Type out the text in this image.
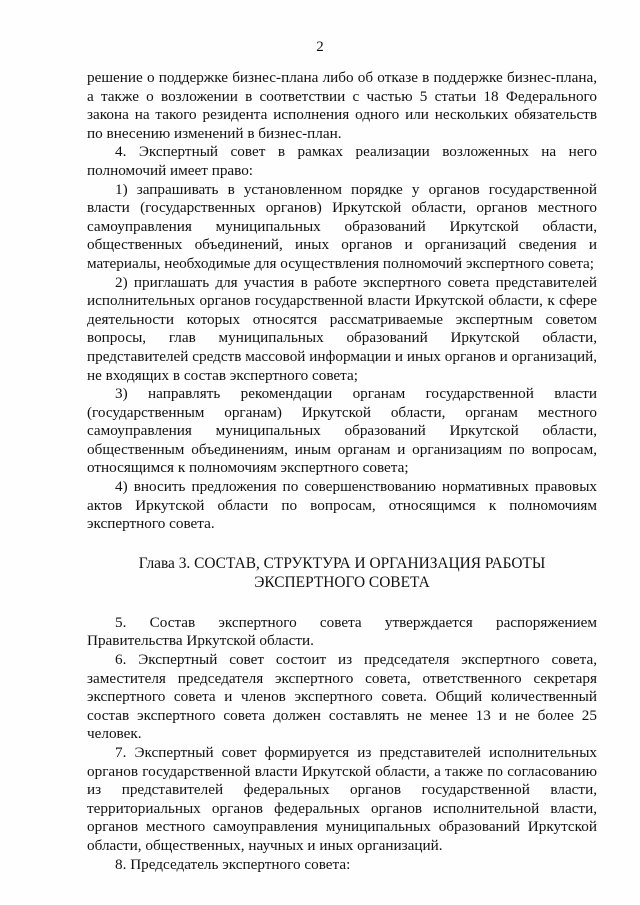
2

решение о поддержке бизнес-плана либо об отказе в поддержке бизнес-плана, а также о возложении в соответствии с частью 5 статьи 18 Федерального закона на такого резидента исполнения одного или нескольких обязательств по внесению изменений в бизнес-план.

4. Экспертный совет в рамках реализации возложенных на него полномочий имеет право:

1) запрашивать в установленном порядке у органов государственной власти (государственных органов) Иркутской области, органов местного самоуправления муниципальных образований Иркутской области, общественных объединений, иных органов и организаций сведения и материалы, необходимые для осуществления полномочий экспертного совета;

2) приглашать для участия в работе экспертного совета представителей исполнительных органов государственной власти Иркутской области, к сфере деятельности которых относятся рассматриваемые экспертным советом вопросы, глав муниципальных образований Иркутской области, представителей средств массовой информации и иных органов и организаций, не входящих в состав экспертного совета;

3) направлять рекомендации органам государственной власти (государственным органам) Иркутской области, органам местного самоуправления муниципальных образований Иркутской области, общественным объединениям, иным органам и организациям по вопросам, относящимся к полномочиям экспертного совета;

4) вносить предложения по совершенствованию нормативных правовых актов Иркутской области по вопросам, относящимся к полномочиям экспертного совета.

Глава 3. СОСТАВ, СТРУКТУРА И ОРГАНИЗАЦИЯ РАБОТЫ
ЭКСПЕРТНОГО СОВЕТА

5. Состав экспертного совета утверждается распоряжением Правительства Иркутской области.

6. Экспертный совет состоит из председателя экспертного совета, заместителя председателя экспертного совета, ответственного секретаря экспертного совета и членов экспертного совета. Общий количественный состав экспертного совета должен составлять не менее 13 и не более 25 человек.

7. Экспертный совет формируется из представителей исполнительных органов государственной власти Иркутской области, а также по согласованию из представителей федеральных органов государственной власти, территориальных органов федеральных органов исполнительной власти, органов местного самоуправления муниципальных образований Иркутской области, общественных, научных и иных организаций.

8. Председатель экспертного совета:
